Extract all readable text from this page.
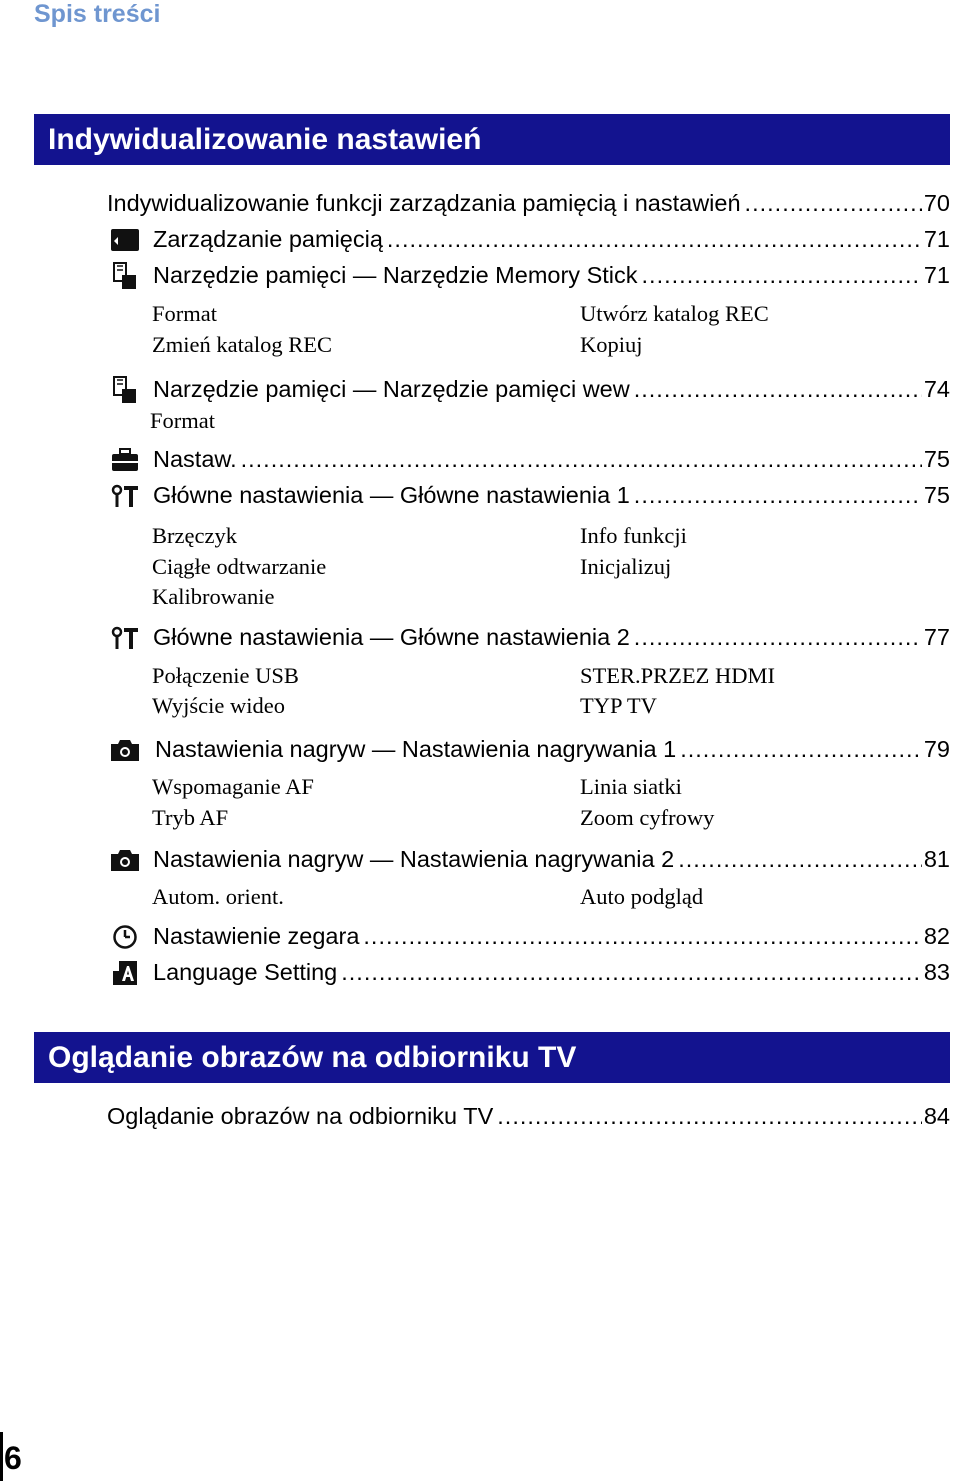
Spis treści
Indywidualizowanie nastawień
Indywidualizowanie funkcji zarządzania pamięcią i nastawień .....	70
Zarządzanie pamięcią .....	71
Narzędzie pamięci — Narzędzie Memory Stick .....	71
Format	Utwórz katalog REC
Zmień katalog REC	Kopiuj
Narzędzie pamięci — Narzędzie pamięci wew .....	74
Format
Nastaw. .....	75
Główne nastawienia — Główne nastawienia 1 .....	75
Brzęczyk	Info funkcji
Ciągłe odtwarzanie	Inicjalizuj
Kalibrowanie
Główne nastawienia — Główne nastawienia 2 .....	77
Połączenie USB	STER.PRZEZ HDMI
Wyjście wideo	TYP TV
Nastawienia nagryw — Nastawienia nagrywania 1 .....	79
Wspomaganie AF	Linia siatki
Tryb AF	Zoom cyfrowy
Nastawienia nagryw — Nastawienia nagrywania 2 .....	81
Autom. orient.	Auto podgląd
Nastawienie zegara .....	82
Language Setting .....	83
Oglądanie obrazów na odbiorniku TV
Oglądanie obrazów na odbiorniku TV .....	84
6
